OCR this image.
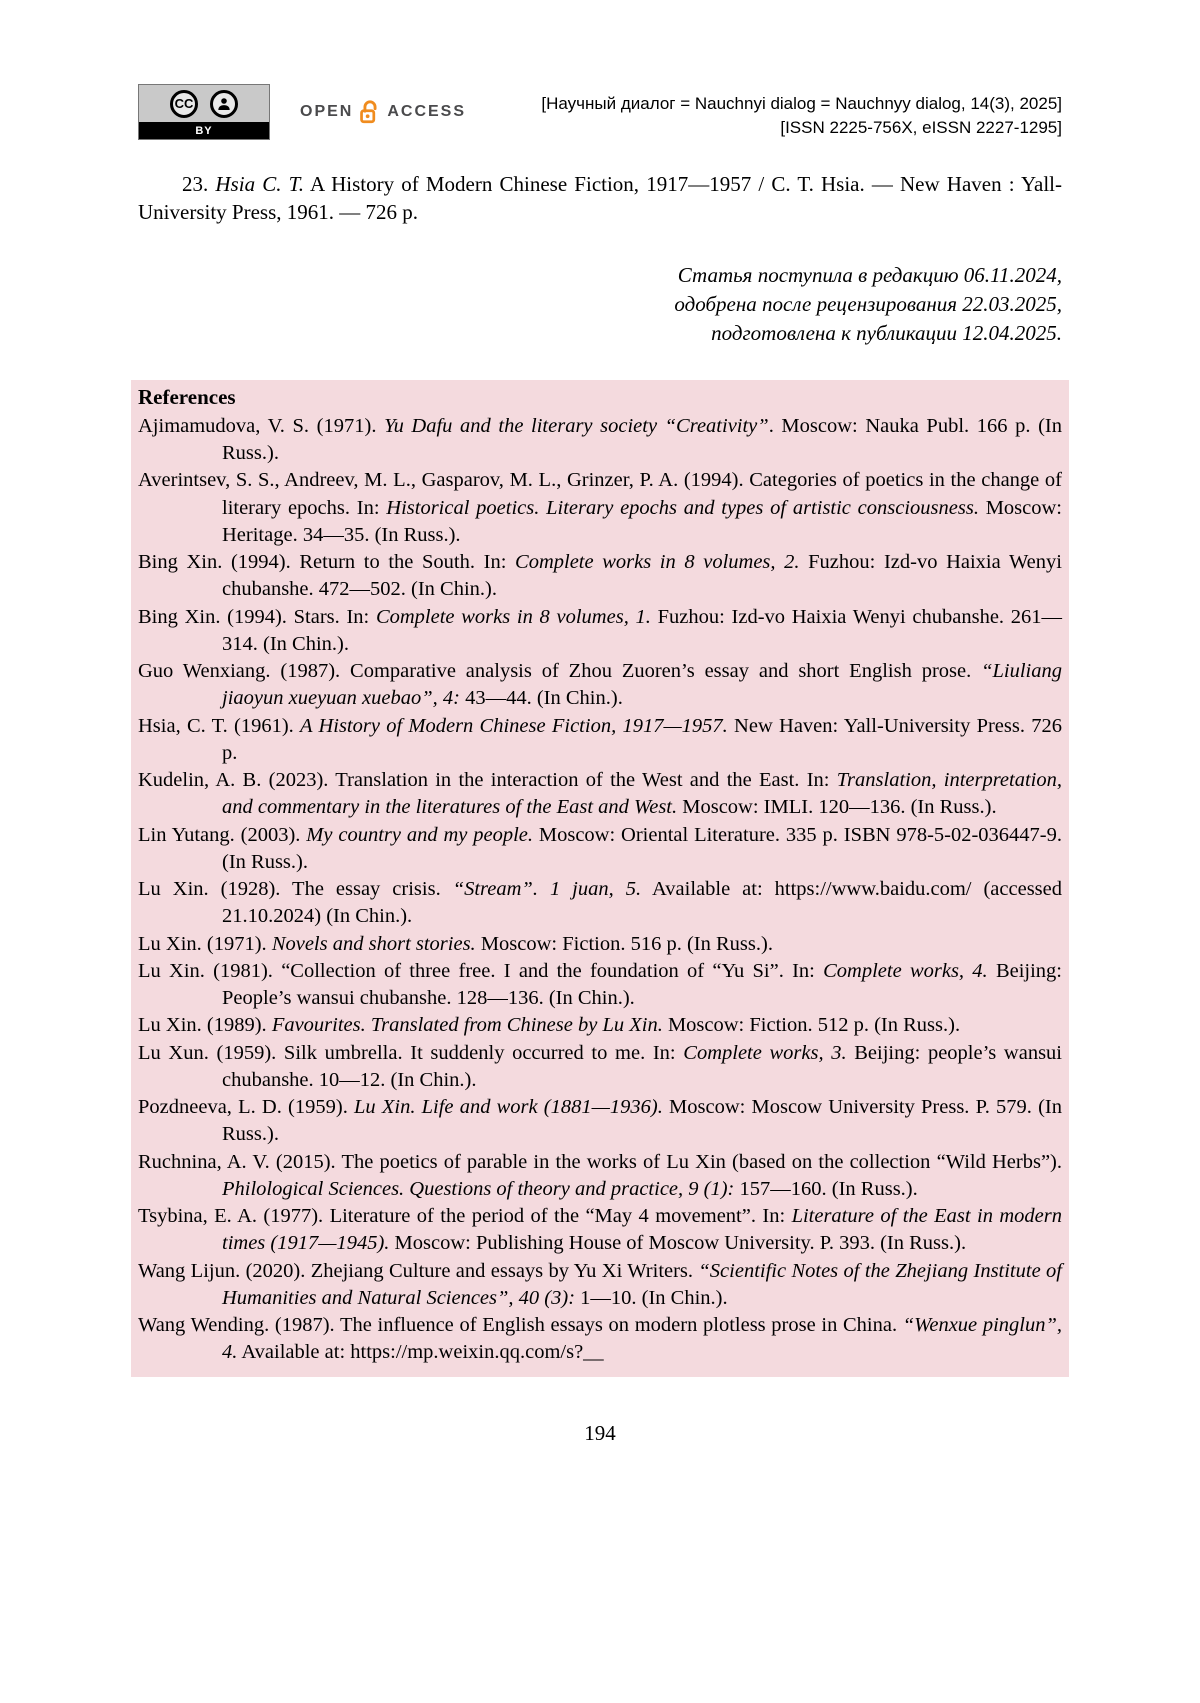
CC
BY
OPEN ACCESS	[Научный диалог = Nauchnyi dialog = Nauchnyy dialog, 14(3), 2025]
[ISSN 2225-756X, eISSN 2227-1295]

23. Hsia C. T. A History of Modern Chinese Fiction, 1917—1957 / C. T. Hsia. — New Haven : Yall-University Press, 1961. — 726 p.

Статья поступила в редакцию 06.11.2024,
одобрена после рецензирования 22.03.2025,
подготовлена к публикации 12.04.2025.
References
Ajimamudova, V. S. (1971). Yu Dafu and the literary society “Creativity”. Moscow: Nauka Publ. 166 p. (In Russ.).
Averintsev, S. S., Andreev, M. L., Gasparov, M. L., Grinzer, P. A. (1994). Categories of poetics in the change of literary epochs. In: Historical poetics. Literary epochs and types of artistic consciousness. Moscow: Heritage. 34—35. (In Russ.).
Bing Xin. (1994). Return to the South. In: Complete works in 8 volumes, 2. Fuzhou: Izd-vo Haixia Wenyi chubanshe. 472—502. (In Chin.).
Bing Xin. (1994). Stars. In: Complete works in 8 volumes, 1. Fuzhou: Izd-vo Haixia Wenyi chubanshe. 261—314. (In Chin.).
Guo Wenxiang. (1987). Comparative analysis of Zhou Zuoren’s essay and short English prose. “Liuliang jiaoyun xueyuan xuebao”, 4: 43—44. (In Chin.).
Hsia, C. T. (1961). A History of Modern Chinese Fiction, 1917—1957. New Haven: Yall-University Press. 726 p.
Kudelin, A. B. (2023). Translation in the interaction of the West and the East. In: Translation, interpretation, and commentary in the literatures of the East and West. Moscow: IMLI. 120—136. (In Russ.).
Lin Yutang. (2003). My country and my people. Moscow: Oriental Literature. 335 p. ISBN 978-5-02-036447-9. (In Russ.).
Lu Xin. (1928). The essay crisis. “Stream”. 1 juan, 5. Available at: https://www.baidu.com/ (accessed 21.10.2024) (In Chin.).
Lu Xin. (1971). Novels and short stories. Moscow: Fiction. 516 p. (In Russ.).
Lu Xin. (1981). “Collection of three free. I and the foundation of “Yu Si”. In: Complete works, 4. Beijing: People’s wansui chubanshe. 128—136. (In Chin.).
Lu Xin. (1989). Favourites. Translated from Chinese by Lu Xin. Moscow: Fiction. 512 p. (In Russ.).
Lu Xun. (1959). Silk umbrella. It suddenly occurred to me. In: Complete works, 3. Beijing: people’s wansui chubanshe. 10—12. (In Chin.).
Pozdneeva, L. D. (1959). Lu Xin. Life and work (1881—1936). Moscow: Moscow University Press. P. 579. (In Russ.).
Ruchnina, A. V. (2015). The poetics of parable in the works of Lu Xin (based on the collection “Wild Herbs”). Philological Sciences. Questions of theory and practice, 9 (1): 157—160. (In Russ.).
Tsybina, E. A. (1977). Literature of the period of the “May 4 movement”. In: Literature of the East in modern times (1917—1945). Moscow: Publishing House of Moscow University. P. 393. (In Russ.).
Wang Lijun. (2020). Zhejiang Culture and essays by Yu Xi Writers. “Scientific Notes of the Zhejiang Institute of Humanities and Natural Sciences”, 40 (3): 1—10. (In Chin.).
Wang Wending. (1987). The influence of English essays on modern plotless prose in China. “Wenxue pinglun”, 4. Available at: https://mp.weixin.qq.com/s?__
194
